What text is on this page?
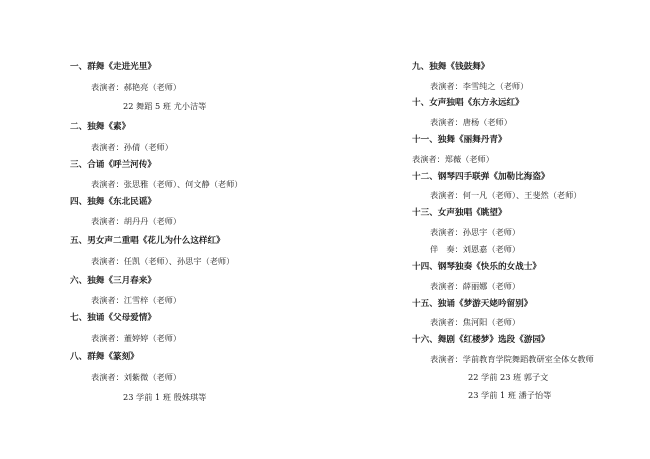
一、群舞《走进光里》
表演者：郝艳亮（老师）
22 舞蹈 5 班 尤小洁等
二、独舞《素》
表演者：孙倩（老师）
三、合诵《呼兰河传》
表演者：张思雅（老师）、何文静（老师）
四、独舞《东北民谣》
表演者：胡丹丹（老师）
五、男女声二重唱《花儿为什么这样红》
表演者：任凯（老师）、孙思宇（老师）
六、独舞《三月春来》
表演者：江雪梓（老师）
七、独诵《父母爱情》
表演者：董婷婷（老师）
八、群舞《篆刻》
表演者：刘紫微（老师）
23 学前 1 班 殷姝琪等
九、独舞《钱鼓舞》
表演者：李雪纯之（老师）
十、女声独唱《东方永远红》
表演者：唐杨（老师）
十一、独舞《丽舞丹青》
表演者：郑薇（老师）
十二、钢琴四手联弹《加勒比海盗》
表演者：何一凡（老师）、王斐然（老师）
十三、女声独唱《眺望》
表演者：孙思宇（老师）
伴　奏：刘恩嘉（老师）
十四、钢琴独奏《快乐的女战士》
表演者：薛丽娜（老师）
十五、独诵《梦游天姥吟留别》
表演者：焦河阳（老师）
十六、舞剧《红楼梦》选段《游园》
表演者：学前教育学院舞蹈教研室全体女教师
22 学前 23 班 郭子文
23 学前 1 班 潘子怡等
